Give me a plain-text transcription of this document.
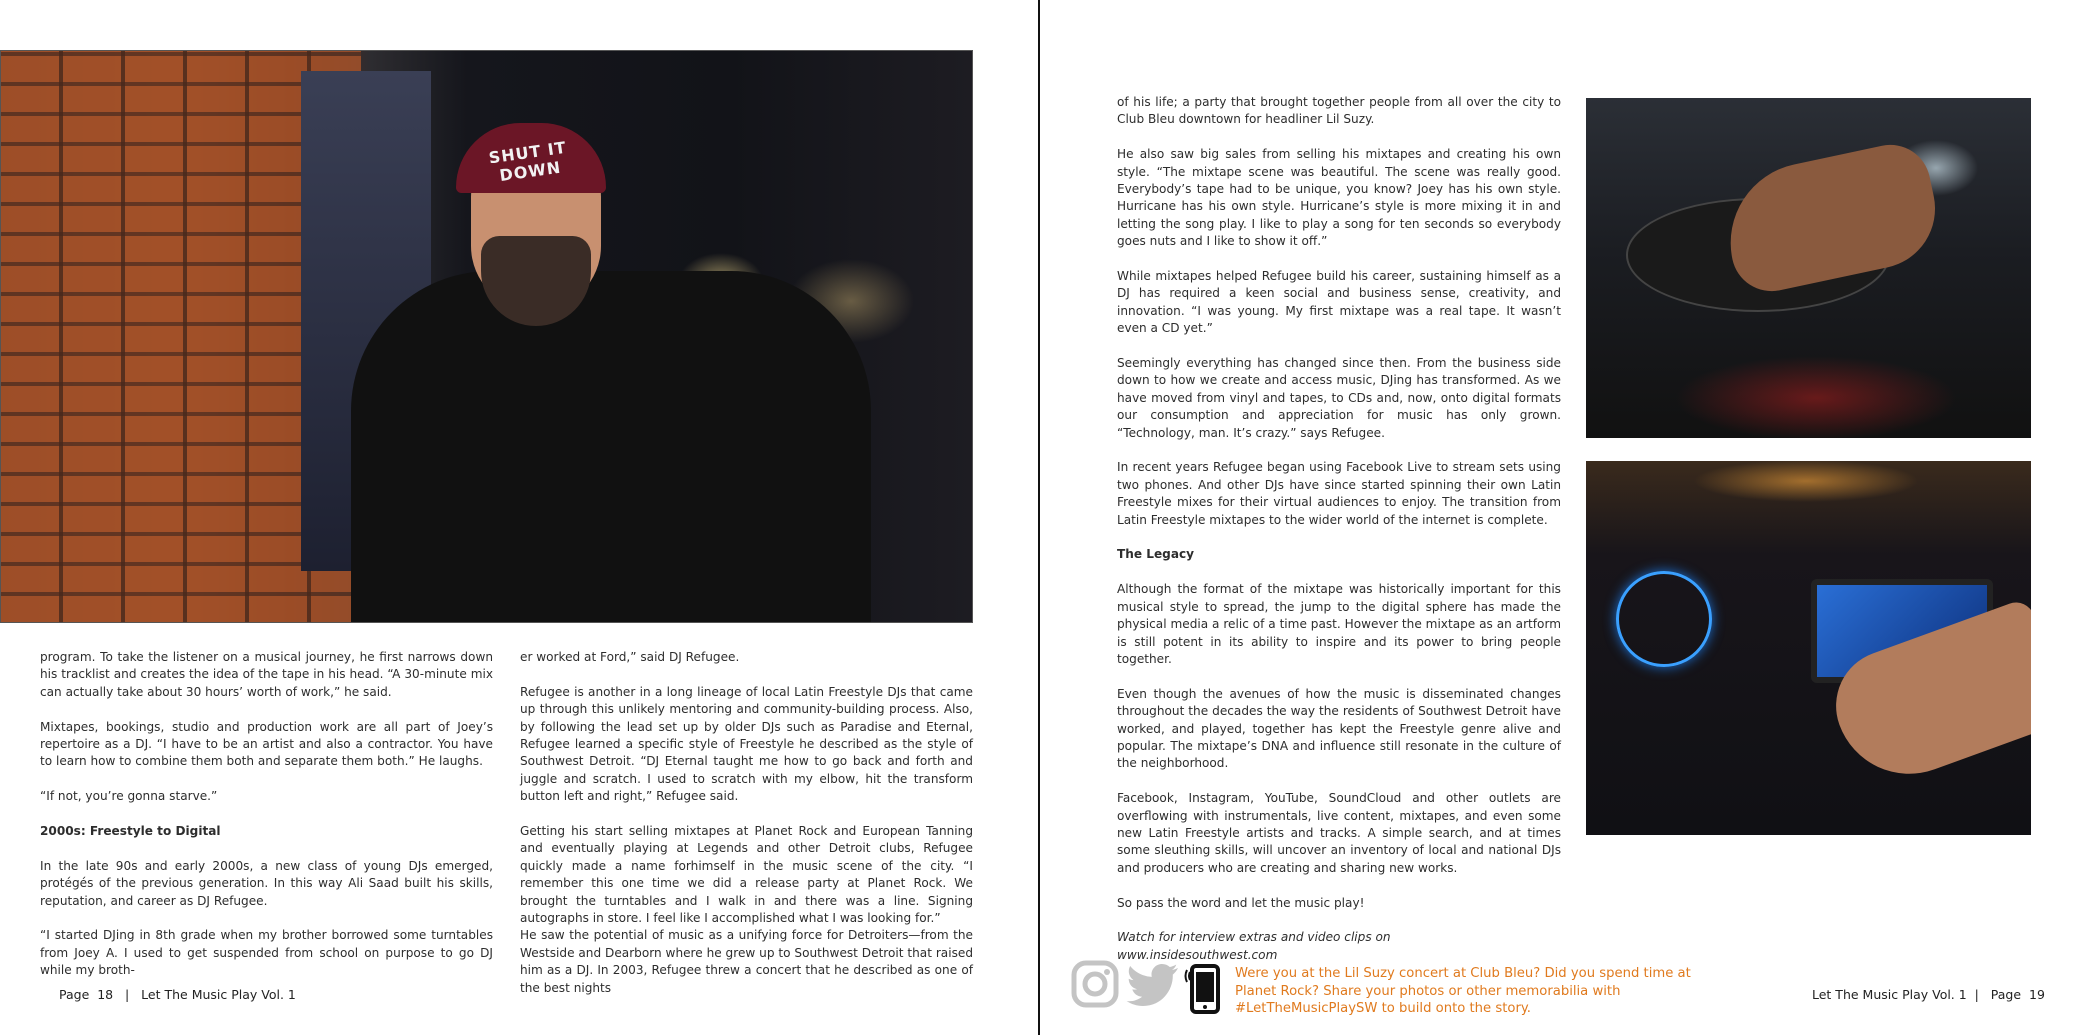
SHUT IT DOWN

program. To take the listener on a musical journey, he first narrows down his tracklist and creates the idea of the tape in his head. “A 30-minute mix can actually take about 30 hours’ worth of work,” he said.

Mixtapes, bookings, studio and production work are all part of Joey’s repertoire as a DJ. “I have to be an artist and also a contractor. You have to learn how to combine them both and separate them both.” He laughs.

“If not, you’re gonna starve.”

2000s: Freestyle to Digital

In the late 90s and early 2000s, a new class of young DJs emerged, protégés of the previous generation. In this way Ali Saad built his skills, reputation, and career as DJ Refugee.

“I started DJing in 8th grade when my brother borrowed some turntables from Joey A. I used to get suspended from school on purpose to go DJ while my broth-

er worked at Ford,” said DJ Refugee.

Refugee is another in a long lineage of local Latin Freestyle DJs that came up through this unlikely mentoring and community-building process. Also, by following the lead set up by older DJs such as Paradise and Eternal, Refugee learned a specific style of Freestyle he described as the style of Southwest Detroit. “DJ Eternal taught me how to go back and forth and juggle and scratch. I used to scratch with my elbow, hit the transform button left and right,” Refugee said.

Getting his start selling mixtapes at Planet Rock and European Tanning and eventually playing at Legends and other Detroit clubs, Refugee quickly made a name forhimself in the music scene of the city. “I remember this one time we did a release party at Planet Rock. We brought the turntables and I walk in and there was a line. Signing autographs in store. I feel like I accomplished what I was looking for.”

He saw the potential of music as a unifying force for Detroiters—from the Westside and Dearborn where he grew up to Southwest Detroit that raised him as a DJ. In 2003, Refugee threw a concert that he described as one of the best nights

Page  18   |   Let The Music Play Vol. 1

of his life; a party that brought together people from all over the city to Club Bleu downtown for headliner Lil Suzy.

He also saw big sales from selling his mixtapes and creating his own style. “The mixtape scene was beautiful. The scene was really good. Everybody’s tape had to be unique, you know? Joey has his own style. Hurricane has his own style. Hurricane’s style is more mixing it in and letting the song play. I like to play a song for ten seconds so everybody goes nuts and I like to show it off.”

While mixtapes helped Refugee build his career, sustaining himself as a DJ has required a keen social and business sense, creativity, and innovation. “I was young. My first mixtape was a real tape. It wasn’t even a CD yet.”

Seemingly everything has changed since then. From the business side down to how we create and access music, DJing has transformed. As we have moved from vinyl and tapes, to CDs and, now, onto digital formats our consumption and appreciation for music has only grown. “Technology, man. It’s crazy.” says Refugee.

In recent years Refugee began using Facebook Live to stream sets using two phones. And other DJs have since started spinning their own Latin Freestyle mixes for their virtual audiences to enjoy. The transition from Latin Freestyle mixtapes to the wider world of the internet is complete.

The Legacy

Although the format of the mixtape was historically important for this musical style to spread, the jump to the digital sphere has made the physical media a relic of a time past. However the mixtape as an artform is still potent in its ability to inspire and its power to bring people together.

Even though the avenues of how the music is disseminated changes throughout the decades the way the residents of Southwest Detroit have worked, and played, together has kept the Freestyle genre alive and popular. The mixtape’s DNA and influence still resonate in the culture of the neighborhood.

Facebook, Instagram, YouTube, SoundCloud and other outlets are overflowing with instrumentals, live content, mixtapes, and even some new Latin Freestyle artists and tracks. A simple search, and at times some sleuthing skills, will uncover an inventory of local and national DJs and producers who are creating and sharing new works.

So pass the word and let the music play!

Watch for interview extras and video clips on
www.insidesouthwest.com
Were you at the Lil Suzy concert at Club Bleu? Did you spend time at Planet Rock? Share your photos or other memorabilia with #LetTheMusicPlaySW to build onto the story.
Let The Music Play Vol. 1  |   Page  19
